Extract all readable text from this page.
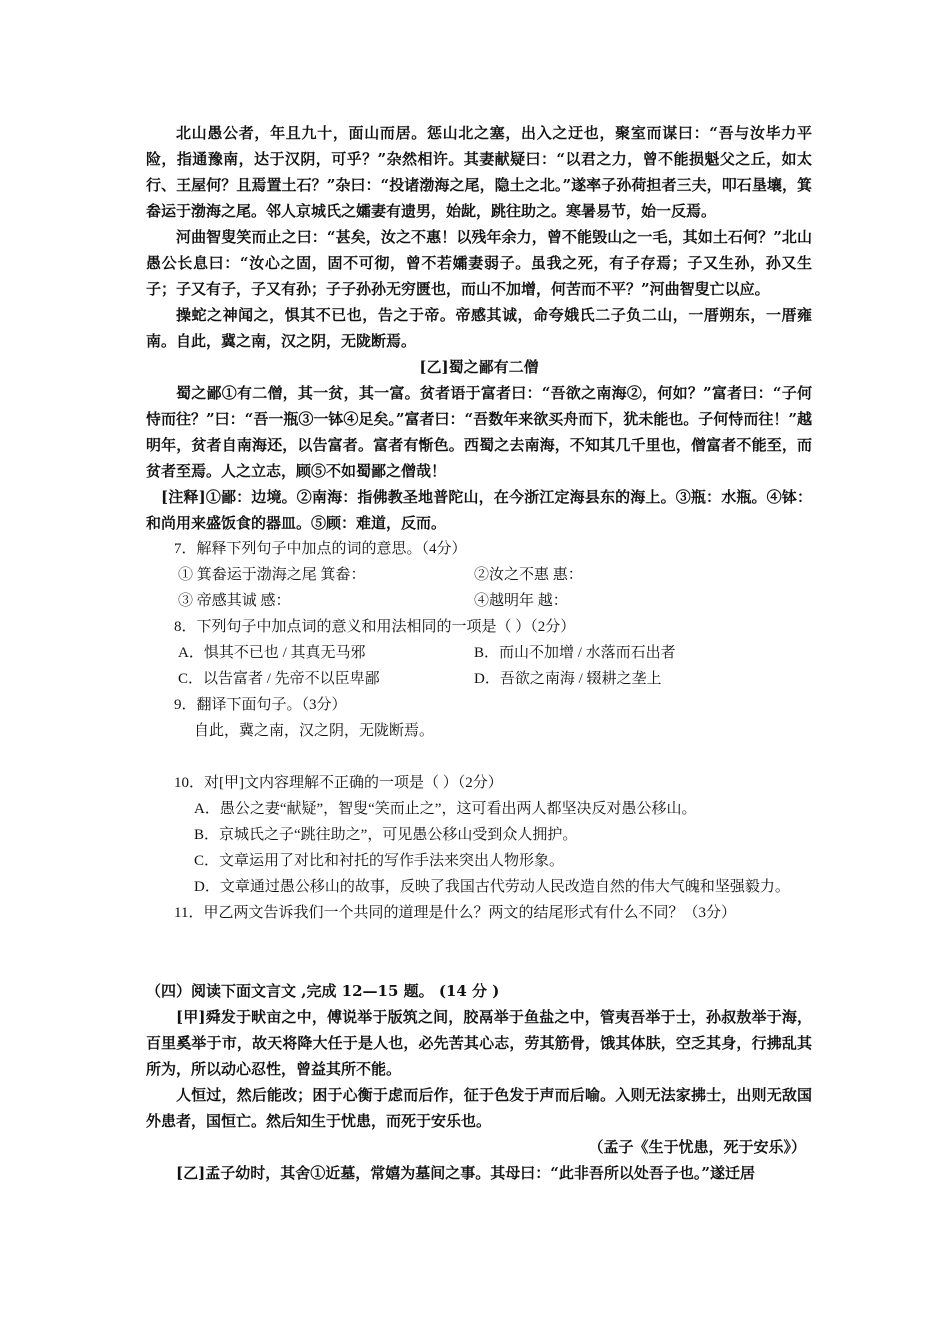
北山愚公者，年且九十，面山而居。惩山北之塞，出入之迂也，聚室而谋曰：“吾与汝毕力平险，指通豫南，达于汉阴，可乎？”杂然相许。其妻献疑曰：“以君之力，曾不能损魁父之丘，如太行、王屋何？且焉置土石？”杂曰：“投诸渤海之尾，隐土之北。”遂率子孙荷担者三夫，叩石垦壤，箕畚运于渤海之尾。邻人京城氏之孀妻有遗男，始龀，跳往助之。寒暑易节，始一反焉。

河曲智叟笑而止之曰：“甚矣，汝之不惠！以残年余力，曾不能毁山之一毛，其如土石何？”北山愚公长息曰：“汝心之固，固不可彻，曾不若孀妻弱子。虽我之死，有子存焉；子又生孙，孙又生子；子又有子，子又有孙；子子孙孙无穷匮也，而山不加增，何苦而不平？”河曲智叟亡以应。

操蛇之神闻之，惧其不已也，告之于帝。帝感其诚，命夸娥氏二子负二山，一厝朔东，一厝雍南。自此，冀之南，汉之阴，无陇断焉。

[乙]蜀之鄙有二僧

蜀之鄙①有二僧，其一贫，其一富。贫者语于富者曰：“吾欲之南海②，何如？”富者曰：“子何恃而往？”曰：“吾一瓶③一钵④足矣。”富者曰：“吾数年来欲买舟而下，犹未能也。子何恃而往！”越明年，贫者自南海还，以告富者。富者有惭色。西蜀之去南海，不知其几千里也，僧富者不能至，而贫者至焉。人之立志，顾⑤不如蜀鄙之僧哉！

[注释]①鄙：边境。②南海：指佛教圣地普陀山，在今浙江定海县东的海上。③瓶：水瓶。④钵：和尚用来盛饭食的器皿。⑤顾：难道，反而。

7．解释下列句子中加点的词的意思。（4分）

① 箕畚运于渤海之尾 箕畚：	②汝之不惠 惠：
③ 帝感其诚 感：	④越明年 越：

8．下列句子中加点词的意义和用法相同的一项是（ ）（2分）

A．惧其不已也 / 其真无马邪	B．而山不加增 / 水落而石出者
C．以告富者 / 先帝不以臣卑鄙	D．吾欲之南海 / 辍耕之垄上

9．翻译下面句子。（3分）

自此，冀之南，汉之阴，无陇断焉。

10．对[甲]文内容理解不正确的一项是（ ）（2分）

A．愚公之妻“献疑”，智叟“笑而止之”，这可看出两人都坚决反对愚公移山。

B．京城氏之子“跳往助之”，可见愚公移山受到众人拥护。

C．文章运用了对比和衬托的写作手法来突出人物形象。

D．文章通过愚公移山的故事，反映了我国古代劳动人民改造自然的伟大气魄和坚强毅力。

11．甲乙两文告诉我们一个共同的道理是什么？两文的结尾形式有什么不同？（3分）

（四）阅读下面文言文 ,完成 12—15 题。 (14 分 )

[甲]舜发于畎亩之中，傅说举于版筑之间，胶鬲举于鱼盐之中，管夷吾举于士，孙叔敖举于海，百里奚举于市，故天将降大任于是人也，必先苦其心志，劳其筋骨，饿其体肤，空乏其身，行拂乱其所为，所以动心忍性，曾益其所不能。

人恒过，然后能改；困于心衡于虑而后作，征于色发于声而后喻。入则无法家拂士，出则无敌国外患者，国恒亡。然后知生于忧患，而死于安乐也。

（孟子《生于忧患，死于安乐》）

[乙]孟子幼时，其舍①近墓，常嬉为墓间之事。其母曰：“此非吾所以处吾子也。”遂迁居
